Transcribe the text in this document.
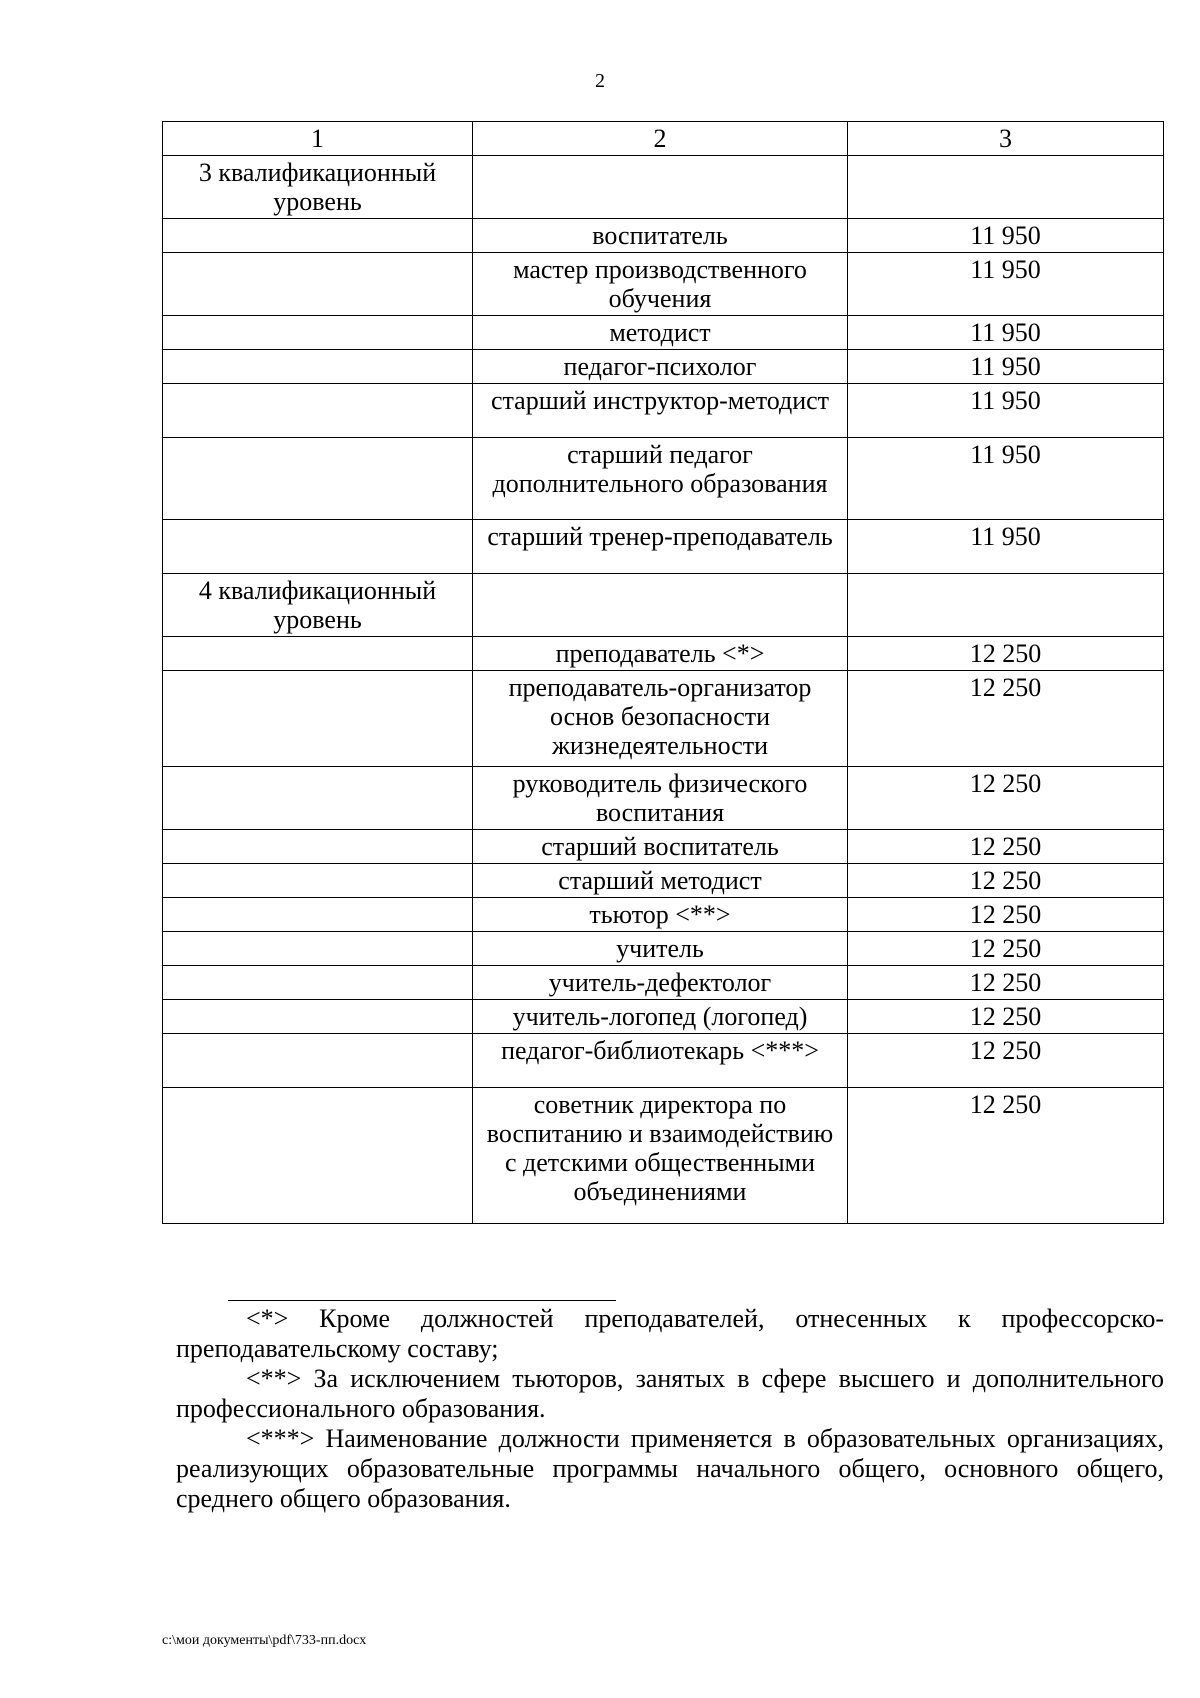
2
1	2	3
3 квалификационный уровень		
	воспитатель	11 950
	мастер производственного обучения	11 950
	методист	11 950
	педагог-психолог	11 950
	старший инструктор-методист	11 950
	старший педагог дополнительного образования	11 950
	старший тренер-преподаватель	11 950
4 квалификационный уровень		
	преподаватель <*>	12 250
	преподаватель-организатор основ безопасности жизнедеятельности	12 250
	руководитель физического воспитания	12 250
	старший воспитатель	12 250
	старший методист	12 250
	тьютор <**>	12 250
	учитель	12 250
	учитель-дефектолог	12 250
	учитель-логопед (логопед)	12 250
	педагог-библиотекарь <***>	12 250
	советник директора по воспитанию и взаимодействию с детскими общественными объединениями	12 250

<*> Кроме должностей преподавателей, отнесенных к профессорско-преподавательскому составу;

<**> За исключением тьюторов, занятых в сфере высшего и дополнительного профессионального образования.

<***> Наименование должности применяется в образовательных организациях, реализующих образовательные программы начального общего, основного общего, среднего общего образования.

c:\мои документы\pdf\733-пп.docx
